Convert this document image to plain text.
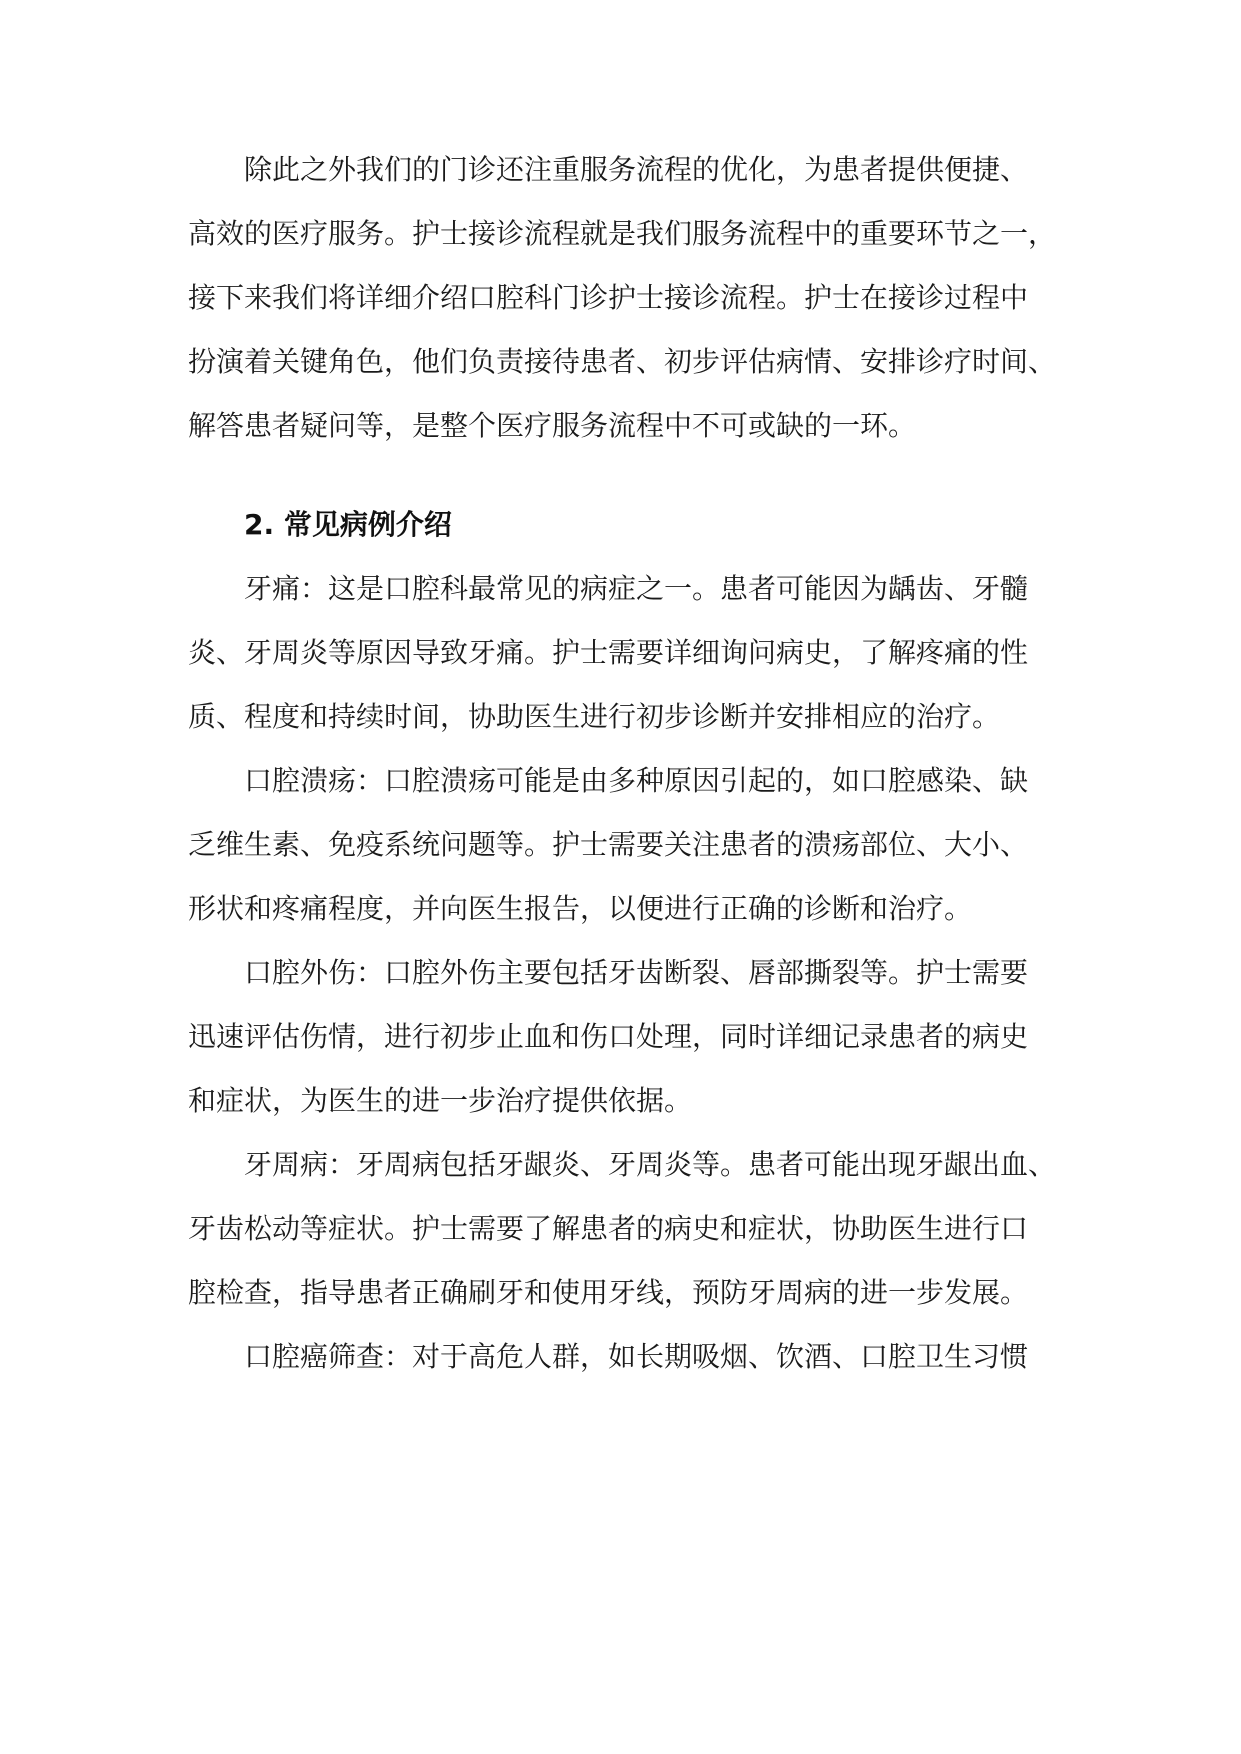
除此之外我们的门诊还注重服务流程的优化，为患者提供便捷、
高效的医疗服务。护士接诊流程就是我们服务流程中的重要环节之一，
接下来我们将详细介绍口腔科门诊护士接诊流程。护士在接诊过程中
扮演着关键角色，他们负责接待患者、初步评估病情、安排诊疗时间、
解答患者疑问等，是整个医疗服务流程中不可或缺的一环。
2. 常见病例介绍
牙痛：这是口腔科最常见的病症之一。患者可能因为龋齿、牙髓
炎、牙周炎等原因导致牙痛。护士需要详细询问病史，了解疼痛的性
质、程度和持续时间，协助医生进行初步诊断并安排相应的治疗。
口腔溃疡：口腔溃疡可能是由多种原因引起的，如口腔感染、缺
乏维生素、免疫系统问题等。护士需要关注患者的溃疡部位、大小、
形状和疼痛程度，并向医生报告，以便进行正确的诊断和治疗。
口腔外伤：口腔外伤主要包括牙齿断裂、唇部撕裂等。护士需要
迅速评估伤情，进行初步止血和伤口处理，同时详细记录患者的病史
和症状，为医生的进一步治疗提供依据。
牙周病：牙周病包括牙龈炎、牙周炎等。患者可能出现牙龈出血、
牙齿松动等症状。护士需要了解患者的病史和症状，协助医生进行口
腔检查，指导患者正确刷牙和使用牙线，预防牙周病的进一步发展。
口腔癌筛查：对于高危人群，如长期吸烟、饮酒、口腔卫生习惯
